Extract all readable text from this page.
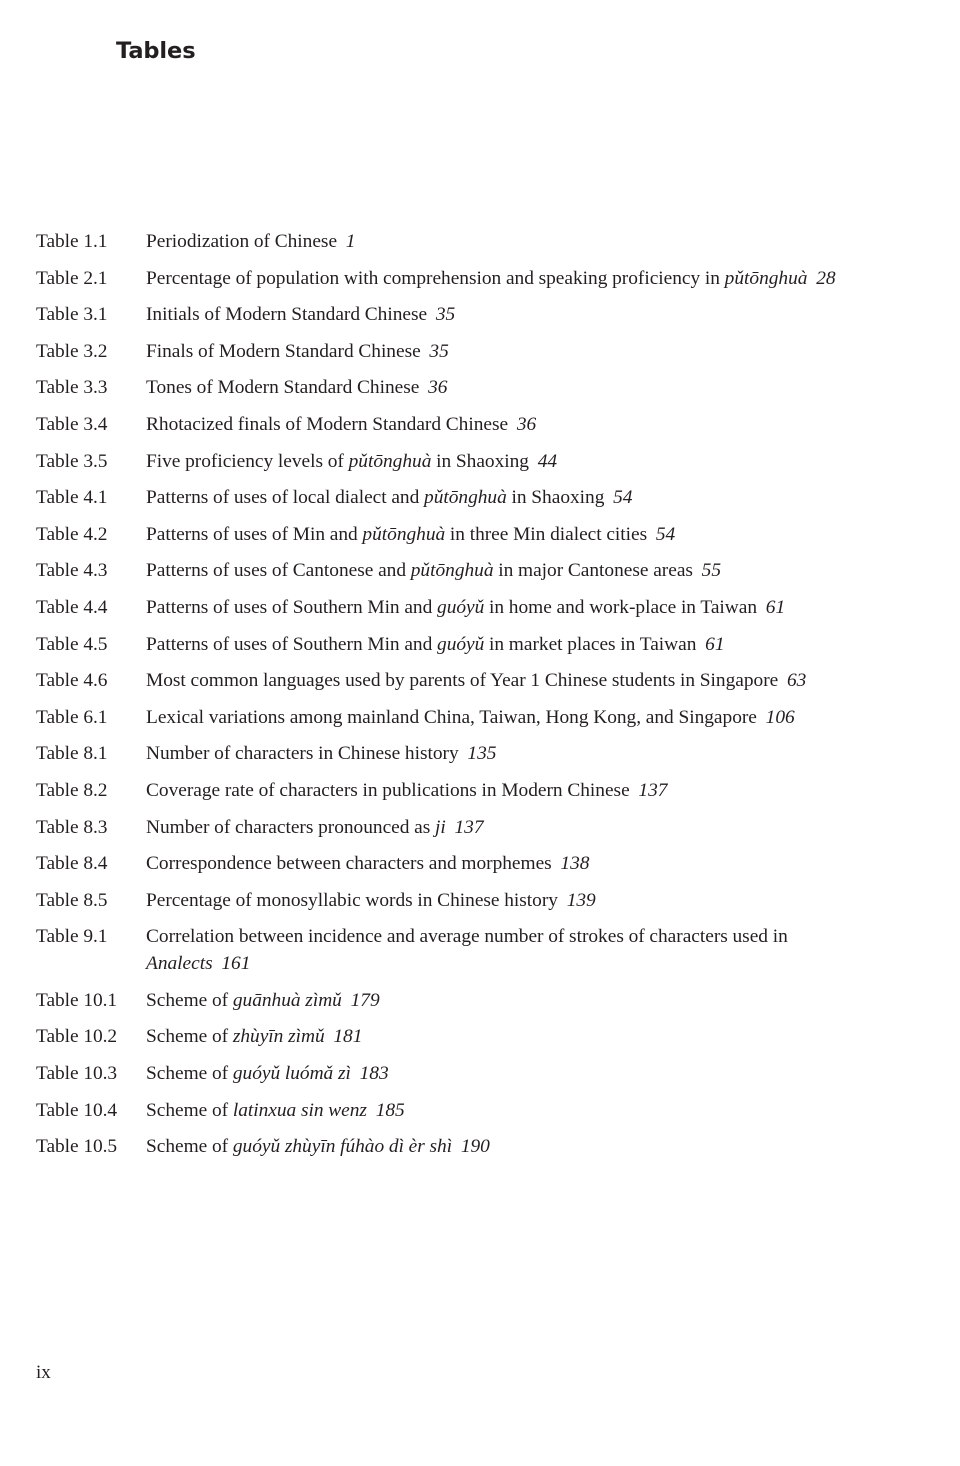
Tables
Table 1.1	Periodization of Chinese 1
Table 2.1	Percentage of population with comprehension and speaking proficiency in pǔtōnghuà 28
Table 3.1	Initials of Modern Standard Chinese 35
Table 3.2	Finals of Modern Standard Chinese 35
Table 3.3	Tones of Modern Standard Chinese 36
Table 3.4	Rhotacized finals of Modern Standard Chinese 36
Table 3.5	Five proficiency levels of pǔtōnghuà in Shaoxing 44
Table 4.1	Patterns of uses of local dialect and pǔtōnghuà in Shaoxing 54
Table 4.2	Patterns of uses of Min and pǔtōnghuà in three Min dialect cities 54
Table 4.3	Patterns of uses of Cantonese and pǔtōnghuà in major Cantonese areas 55
Table 4.4	Patterns of uses of Southern Min and guóyǔ in home and work-place in Taiwan 61
Table 4.5	Patterns of uses of Southern Min and guóyǔ in market places in Taiwan 61
Table 4.6	Most common languages used by parents of Year 1 Chinese students in Singapore 63
Table 6.1	Lexical variations among mainland China, Taiwan, Hong Kong, and Singapore 106
Table 8.1	Number of characters in Chinese history 135
Table 8.2	Coverage rate of characters in publications in Modern Chinese 137
Table 8.3	Number of characters pronounced as ji 137
Table 8.4	Correspondence between characters and morphemes 138
Table 8.5	Percentage of monosyllabic words in Chinese history 139
Table 9.1	Correlation between incidence and average number of strokes of characters used in Analects 161
Table 10.1	Scheme of guānhuà zìmǔ 179
Table 10.2	Scheme of zhùyīn zìmǔ 181
Table 10.3	Scheme of guóyǔ luómǎ zì 183
Table 10.4	Scheme of latinxua sin wenz 185
Table 10.5	Scheme of guóyǔ zhùyīn fúhào dì èr shì 190
ix
